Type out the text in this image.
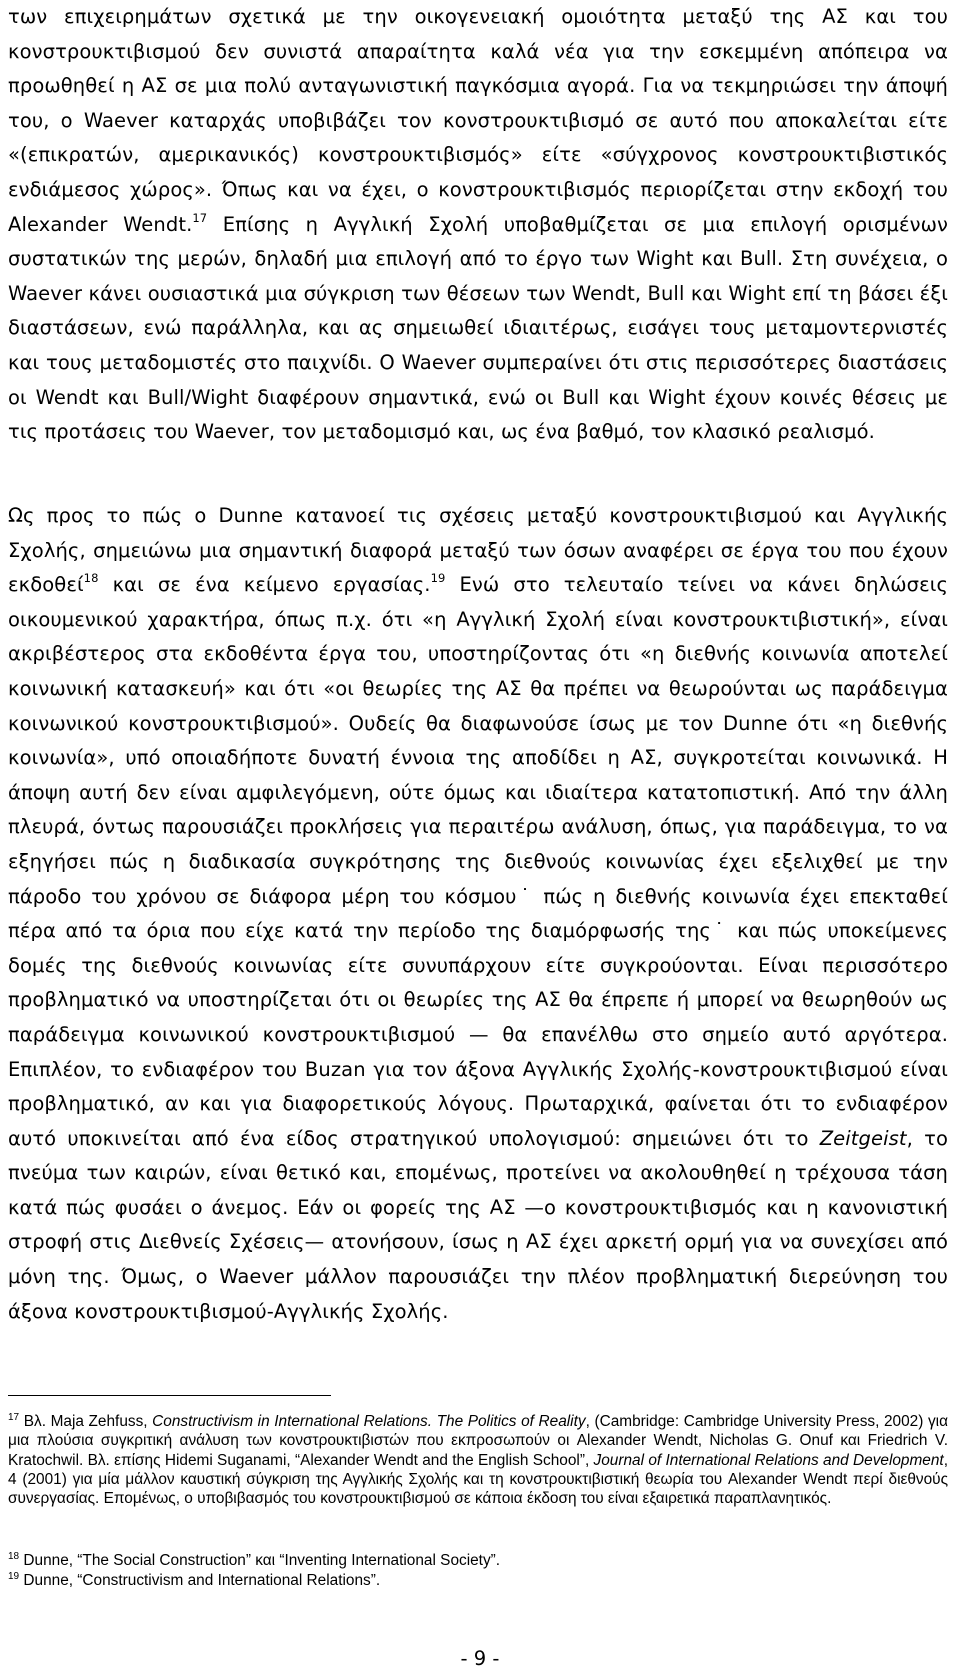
των επιχειρημάτων σχετικά με την οικογενειακή ομοιότητα μεταξύ της ΑΣ και του κονστρουκτιβισμού δεν συνιστά απαραίτητα καλά νέα για την εσκεμμένη απόπειρα να προωθηθεί η ΑΣ σε μια πολύ ανταγωνιστική παγκόσμια αγορά. Για να τεκμηριώσει την άποψή του, ο Waever καταρχάς υποβιβάζει τον κονστρουκτιβισμό σε αυτό που αποκαλείται είτε «(επικρατών, αμερικανικός) κονστρουκτιβισμός» είτε «σύγχρονος κονστρουκτιβιστικός ενδιάμεσος χώρος». Όπως και να έχει, ο κονστρουκτιβισμός περιορίζεται στην εκδοχή του Alexander Wendt.$^{17}$ Επίσης η Αγγλική Σχολή υποβαθμίζεται σε μια επιλογή ορισμένων συστατικών της μερών, δηλαδή μια επιλογή από το έργο των Wight και Bull. Στη συνέχεια, ο Waever κάνει ουσιαστικά μια σύγκριση των θέσεων των Wendt, Bull και Wight επί τη βάσει έξι διαστάσεων, ενώ παράλληλα, και ας σημειωθεί ιδιαιτέρως, εισάγει τους μεταμοντερνιστές και τους μεταδομιστές στο παιχνίδι. Ο Waever συμπεραίνει ότι στις περισσότερες διαστάσεις οι Wendt και Bull/Wight διαφέρουν σημαντικά, ενώ οι Bull και Wight έχουν κοινές θέσεις με τις προτάσεις του Waever, τον μεταδομισμό και, ως ένα βαθμό, τον κλασικό ρεαλισμό.

Ως προς το πώς ο Dunne κατανοεί τις σχέσεις μεταξύ κονστρουκτιβισμού και Αγγλικής Σχολής, σημειώνω μια σημαντική διαφορά μεταξύ των όσων αναφέρει σε έργα του που έχουν εκδοθεί$^{18}$ και σε ένα κείμενο εργασίας.$^{19}$ Ενώ στο τελευταίο τείνει να κάνει δηλώσεις οικουμενικού χαρακτήρα, όπως π.χ. ότι «η Αγγλική Σχολή είναι κονστρουκτιβιστική», είναι ακριβέστερος στα εκδοθέντα έργα του, υποστηρίζοντας ότι «η διεθνής κοινωνία αποτελεί κοινωνική κατασκευή» και ότι «οι θεωρίες της ΑΣ θα πρέπει να θεωρούνται ως παράδειγμα κοινωνικού κονστρουκτιβισμού». Ουδείς θα διαφωνούσε ίσως με τον Dunne ότι «η διεθνής κοινωνία», υπό οποιαδήποτε δυνατή έννοια της αποδίδει η ΑΣ, συγκροτείται κοινωνικά. Η άποψη αυτή δεν είναι αμφιλεγόμενη, ούτε όμως και ιδιαίτερα κατατοπιστική. Από την άλλη πλευρά, όντως παρουσιάζει προκλήσεις για περαιτέρω ανάλυση, όπως, για παράδειγμα, το να εξηγήσει πώς η διαδικασία συγκρότησης της διεθνούς κοινωνίας έχει εξελιχθεί με την πάροδο του χρόνου σε διάφορα μέρη του κόσμου˙ πώς η διεθνής κοινωνία έχει επεκταθεί πέρα από τα όρια που είχε κατά την περίοδο της διαμόρφωσής της˙ και πώς υποκείμενες δομές της διεθνούς κοινωνίας είτε συνυπάρχουν είτε συγκρούονται. Είναι περισσότερο προβληματικό να υποστηρίζεται ότι οι θεωρίες της ΑΣ θα έπρεπε ή μπορεί να θεωρηθούν ως παράδειγμα κοινωνικού κονστρουκτιβισμού — θα επανέλθω στο σημείο αυτό αργότερα. Επιπλέον, το ενδιαφέρον του Buzan για τον άξονα Αγγλικής Σχολής-κονστρουκτιβισμού είναι προβληματικό, αν και για διαφορετικούς λόγους. Πρωταρχικά, φαίνεται ότι το ενδιαφέρον αυτό υποκινείται από ένα είδος στρατηγικού υπολογισμού: σημειώνει ότι το Zeitgeist, το πνεύμα των καιρών, είναι θετικό και, επομένως, προτείνει να ακολουθηθεί η τρέχουσα τάση κατά πώς φυσάει ο άνεμος. Εάν οι φορείς της ΑΣ —ο κονστρουκτιβισμός και η κανονιστική στροφή στις Διεθνείς Σχέσεις— ατονήσουν, ίσως η ΑΣ έχει αρκετή ορμή για να συνεχίσει από μόνη της. Όμως, ο Waever μάλλον παρουσιάζει την πλέον προβληματική διερεύνηση του άξονα κονστρουκτιβισμού-Αγγλικής Σχολής.

$^{17}$ Βλ. Maja Zehfuss, Constructivism in International Relations. The Politics of Reality, (Cambridge: Cambridge University Press, 2002) για μια πλούσια συγκριτική ανάλυση των κονστρουκτιβιστών που εκπροσωπούν οι Alexander Wendt, Nicholas G. Onuf και Friedrich V. Kratochwil. Βλ. επίσης Hidemi Suganami, “Alexander Wendt and the English School”, Journal of International Relations and Development, 4 (2001) για μία μάλλον καυστική σύγκριση της Αγγλικής Σχολής και τη κονστρουκτιβιστική θεωρία του Alexander Wendt περί διεθνούς συνεργασίας. Επομένως, ο υποβιβασμός του κονστρουκτιβισμού σε κάποια έκδοση του είναι εξαιρετικά παραπλανητικός.

$^{18}$ Dunne, “The Social Construction” και “Inventing International Society”.

$^{19}$ Dunne, “Constructivism and International Relations”.

- 9 -
